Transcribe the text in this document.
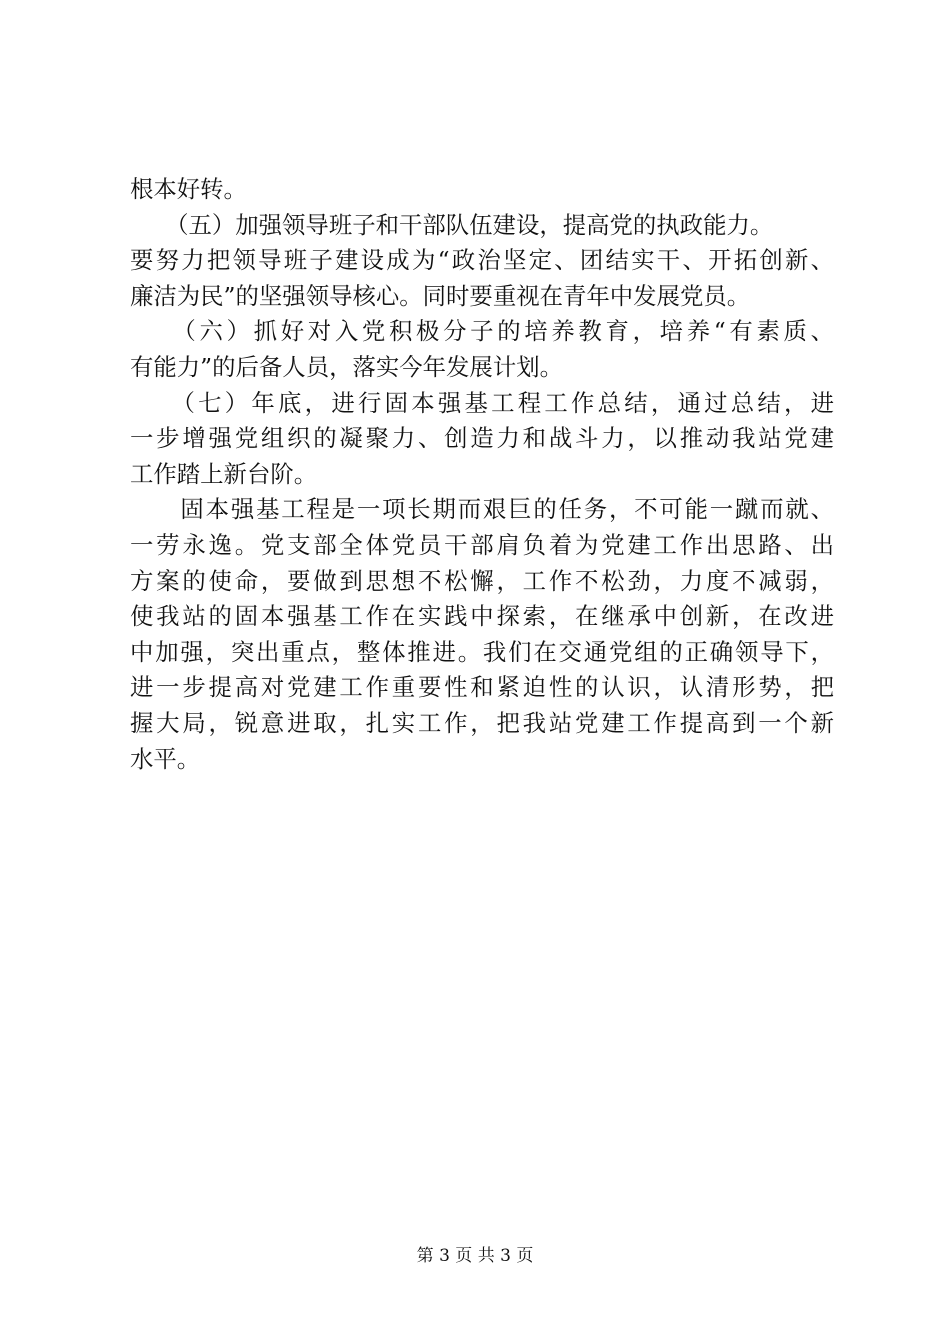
根本好转。
　　（五）加强领导班子和干部队伍建设，提高党的执政能力。
要努力把领导班子建设成为“政治坚定、团结实干、开拓创新、
廉洁为民”的坚强领导核心。同时要重视在青年中发展党员。
　　（六）抓好对入党积极分子的培养教育，培养“有素质、
有能力”的后备人员，落实今年发展计划。
　　（七）年底，进行固本强基工程工作总结，通过总结，进
一步增强党组织的凝聚力、创造力和战斗力，以推动我站党建
工作踏上新台阶。
　　固本强基工程是一项长期而艰巨的任务，不可能一蹴而就、
一劳永逸。党支部全体党员干部肩负着为党建工作出思路、出
方案的使命，要做到思想不松懈，工作不松劲，力度不减弱，
使我站的固本强基工作在实践中探索，在继承中创新，在改进
中加强，突出重点，整体推进。我们在交通党组的正确领导下，
进一步提高对党建工作重要性和紧迫性的认识，认清形势，把
握大局，锐意进取，扎实工作，把我站党建工作提高到一个新
水平。
第 3 页 共 3 页
